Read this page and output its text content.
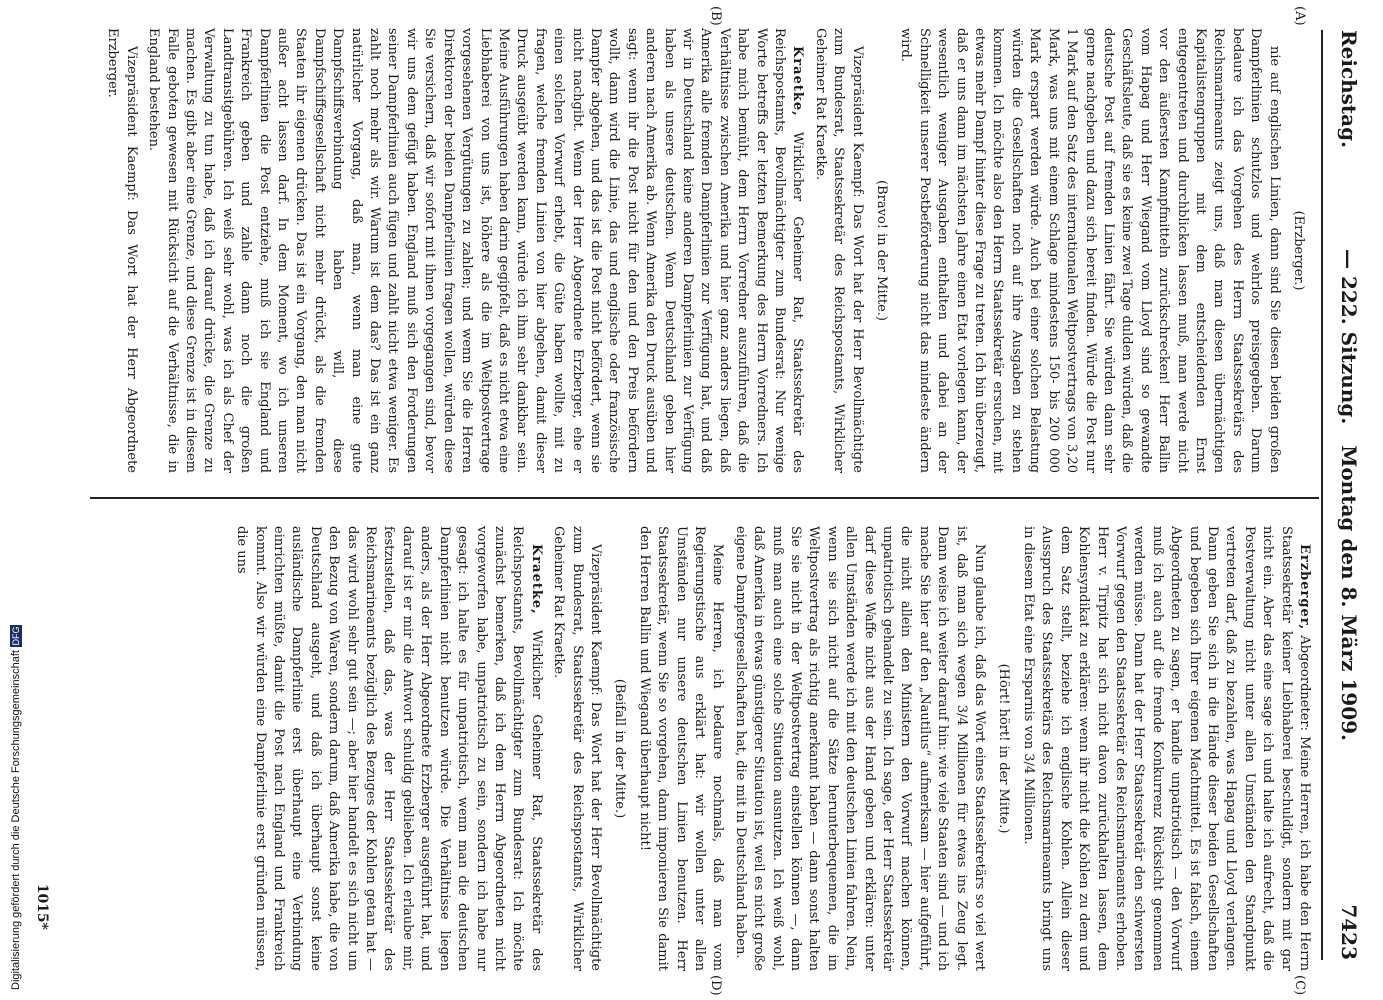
Reichstag.
— 222. Sitzung.   Montag den 8. März 1909.
7423
(A)
(B)
(C)
(D)
(Erzberger.)

nie auf englischen Linien, dann sind Sie diesen beiden großen Dampferlinien schutzlos und wehrlos preisgegeben. Darum bedaure ich das Vorgehen des Herrn Staatssekretärs des Reichsmarineamts zeigt uns, daß man diesen übermächtigen Kapitalistengruppen mit dem entscheidenden Ernst entgegentreten und durchblicken lassen muß, man werde nicht vor den äußersten Kampfmitteln zurückschrecken! Herr Ballin vom Hapag und Herr Wiegand vom Lloyd sind so gewandte Geschäftsleute, daß sie es keine zwei Tage dulden würden, daß die deutsche Post auf fremden Linien fährt. Sie würden dann sehr gerne nachgeben und dazu sich bereit finden. Würde die Post nur 1 Mark auf den Satz des internationalen Weltpostvertrags von 3,20 Mark, was uns mit einem Schlage mindestens 150- bis 200 000 Mark erspart werden würde. Auch bei einer solchen Belastung würden die Gesellschaften noch auf ihre Ausgaben zu stehen kommen. Ich möchte also den Herrn Staatssekretär ersuchen, mit etwas mehr Dampf hinter diese Frage zu treten. Ich bin überzeugt, daß er uns dann im nächsten Jahre einen Etat vorlegen kann, der wesentlich weniger Ausgaben enthalten und dabei an der Schnelligkeit unserer Postbeförderung nicht das mindeste ändern wird.

(Bravo! in der Mitte.)

Vizepräsident Kaempf: Das Wort hat der Herr Bevollmächtigte zum Bundesrat, Staatssekretär des Reichspostamts, Wirklicher Geheimer Rat Kraetke.

Kraetke, Wirklicher Geheimer Rat, Staatssekretär des Reichspostamts, Bevollmächtigter zum Bundesrat: Nur wenige Worte betreffs der letzten Bemerkung des Herrn Vorredners. Ich habe mich bemüht, dem Herrn Vorredner auszuführen, daß die Verhältnisse zwischen Amerika und hier ganz anders liegen, daß Amerika alle fremden Dampferlinien zur Verfügung hat, und daß wir in Deutschland keine anderen Dampferlinien zur Verfügung haben als unsere deutschen. Wenn Deutschland geben hier anderen nach Amerika ab. Wenn Amerika den Druck ausüben und sagt: wenn ihr die Post nicht für den und den Preis befördern wollt, dann wird die Linie, das und englische oder französische Dampfer abgehen, und das ist die Post nicht befördert, wenn sie nicht nachgibt. Wenn der Herr Abgeordnete Erzberger, ehe er einen solchen Vorwurf erhebt, die Güte haben wollte, mit zu fragen, welche fremden Linien von hier abgehen, damit dieser Druck ausgeübt werden kann, würde ich ihm sehr dankbar sein. Meine Ausführungen haben darin gegipfelt, daß es nicht etwa eine Liebhaberei von uns ist, höhere als die im Weltpostvertrage vorgesehenen Vergütungen zu zahlen; und wenn Sie die Herren Direktoren der beiden Dampferlinien fragen wollen, würden diese Sie versichern, daß wir sofort mit ihnen vorgegangen sind, bevor wir uns dem gefügt haben. England muß sich den Forderungen seiner Dampferlinien auch fügen und zahlt nicht etwa weniger. Es zahlt noch mehr als wir. Warum ist dem das? Das ist ein ganz natürlicher Vorgang, daß man, wenn man eine gute Dampfschiffsverbindung haben will, diese Dampfschiffsgesellschaft nicht mehr drückt, als die fremden Staaten ihr eigenen drücken. Das ist ein Vorgang, den man nicht außer acht lassen darf. In dem Moment, wo ich unseren Dampferlinien die Post entziehe, muß ich sie England und Frankreich geben und zahle dann noch die großen Landtransitgebühren. Ich weiß sehr wohl, was ich als Chef der Verwaltung zu tun habe, daß ich darauf drücke, die Grenze zu machen. Es gibt aber eine Grenze, und diese Grenze ist in diesem Falle geboten gewesen mit Rücksicht auf die Verhältnisse, die in England bestehen.

Vizepräsident Kaempf: Das Wort hat der Herr Abgeordnete Erzberger.

Erzberger, Abgeordneter: Meine Herren, ich habe den Herrn Staatssekretär keiner Liebhaberei beschuldigt, sondern mit gar nicht ein. Aber das eine sage ich und halte ich aufrecht, daß die Postverwaltung nicht unter allen Umständen den Standpunkt vertreten darf, daß zu bezahlen, was Hapag und Lloyd verlangen. Dann geben Sie sich in die Hände dieser beiden Gesellschaften und begeben sich Ihrer eigenen Machtmittel. Es ist falsch, einem Abgeordneten zu sagen, er handle unpatriotisch — den Vorwurf muß ich auch auf die fremde Konkurrenz Rücksicht genommen werden müsse. Dann hat der Herr Staatssekretär den schwersten Vorwurf gegen den Staatssekretär des Reichsmarineamts erhoben. Herr v. Tirpitz hat sich nicht davon zurückhalten lassen, dem Kohlensyndikat zu erklären: wenn ihr nicht die Kohlen zu dem und dem Satz stellt, beziehe ich englische Kohlen. Allein dieser Ausspruch des Staatssekretärs des Reichsmarineamts bringt uns in diesem Etat eine Ersparnis von 3/4 Millionen.

(Hört! hört! in der Mitte.)

Nun glaube ich, daß das Wort eines Staatssekretärs so viel wert ist, daß man sich wegen 3/4 Millionen für etwas ins Zeug legt. Dann weise ich weiter darauf hin: wie viele Staaten sind — und ich mache Sie hier auf den „Nautilus“ aufmerksam — hier aufgeführt, die nicht allein den Ministern den Vorwurf machen können, unpatriotisch gehandelt zu sein. Ich sage, der Herr Staatssekretär darf diese Waffe nicht aus der Hand geben und erklären: unter allen Umständen werde ich mit den deutschen Linien fahren. Nein, wenn sie sich nicht auf die Sätze herunterbequemen, die im Weltpostvertrag als richtig anerkannt haben — dann sonst halten Sie sie nicht in der Weltpostvertrag einstellen können —, dann muß man auch eine solche Situation ausnutzen. Ich weiß wohl, daß Amerika in etwas günstigerer Situation ist, weil es nicht große eigene Dampfergesellschaften hat, die mit in Deutschland haben.

Meine Herren, ich bedaure nochmals, daß man vom Regierungstische aus erklärt hat: wir wollen unter allen Umständen nur unsere deutschen Linien benutzen. Herr Staatssekretär, wenn Sie so vorgehen, dann imponieren Sie damit den Herren Ballin und Wiegand überhaupt nicht!

(Beifall in der Mitte.)

Vizepräsident Kaempf: Das Wort hat der Herr Bevollmächtigte zum Bundesrat, Staatssekretär des Reichspostamts, Wirklicher Geheimer Rat Kraetke.

Kraetke, Wirklicher Geheimer Rat, Staatssekretär des Reichspostamts, Bevollmächtigter zum Bundesrat: Ich möchte zunächst bemerken, daß ich dem Herrn Abgeordneten nicht vorgeworfen habe, unpatriotisch zu sein, sondern ich habe nur gesagt: ich halte es für unpatriotisch, wenn man die deutschen Dampferlinien nicht benutzen würde. Die Verhältnisse liegen anders, als der Herr Abgeordnete Erzberger ausgeführt hat, und darauf ist er mir die Antwort schuldig geblieben. Ich erlaube mir, festzustellen, daß das, was der Herr Staatssekretär des Reichsmarineamts bezüglich des Bezuges der Kohlen getan hat — das wird wohl sehr gut sein —; aber hier handelt es sich nicht um den Bezug von Waren, sondern darum, daß Amerika habe, die von Deutschland ausgeht, und daß ich überhaupt sonst keine ausländische Dampferlinie erst überhaupt eine Verbindung einrichten müßte, damit die Post nach England und Frankreich kommt. Also wir würden eine Dampferlinie erst gründen müssen, die uns

1015*
Digitalisierung gefördert durch die Deutsche Forschungsgemeinschaft DFG
